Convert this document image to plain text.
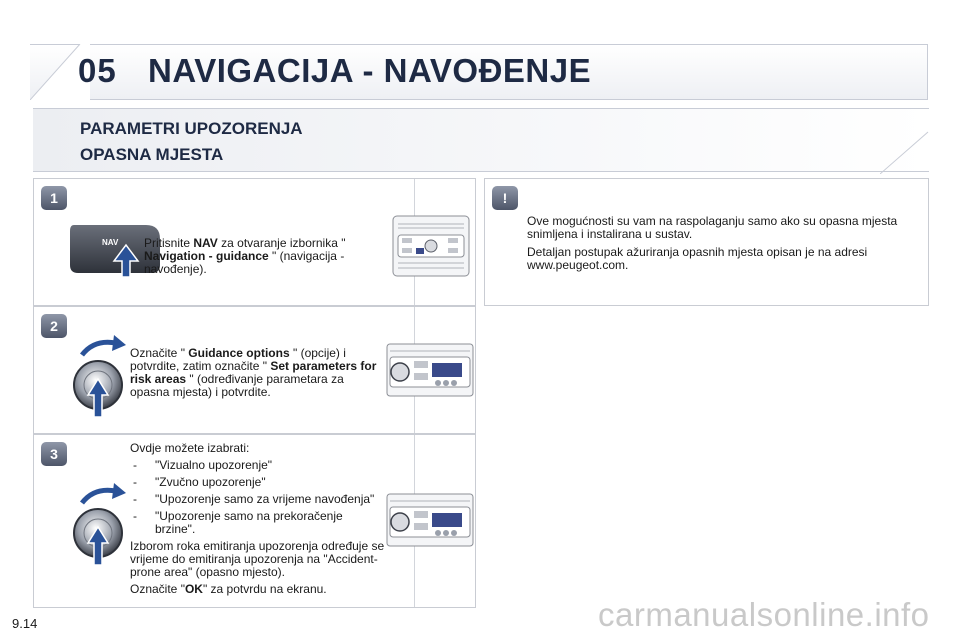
05 NAVIGACIJA - NAVOĐENJE
PARAMETRI UPOZORENJA
OPASNA MJESTA
1
NAV Pritisnite NAV za otvaranje izbornika " Navigation - guidance " (navigacija - navođenje).
2
Označite " Guidance options " (opcije) i potvrdite, zatim označite " Set parameters for risk areas " (određivanje parametara za opasna mjesta) i potvrdite.
3	Ovdje možete izabrati:

-	"Vizualno upozorenje"
-	"Zvučno upozorenje"
-	"Upozorenje samo za vrijeme navođenja"
-	"Upozorenje samo na prekoračenje brzine".

Izborom roka emitiranja upozorenja određuje se vrijeme do emitiranja upozorenja na "Accident-prone area" (opasno mjesto).

Označite "OK" za potvrdu na ekranu.

!

Ove mogućnosti su vam na raspolaganju samo ako su opasna mjesta snimljena i instalirana u sustav.

Detaljan postupak ažuriranja opasnih mjesta opisan je na adresi www.peugeot.com.

9.14	carmanualsonline.info
